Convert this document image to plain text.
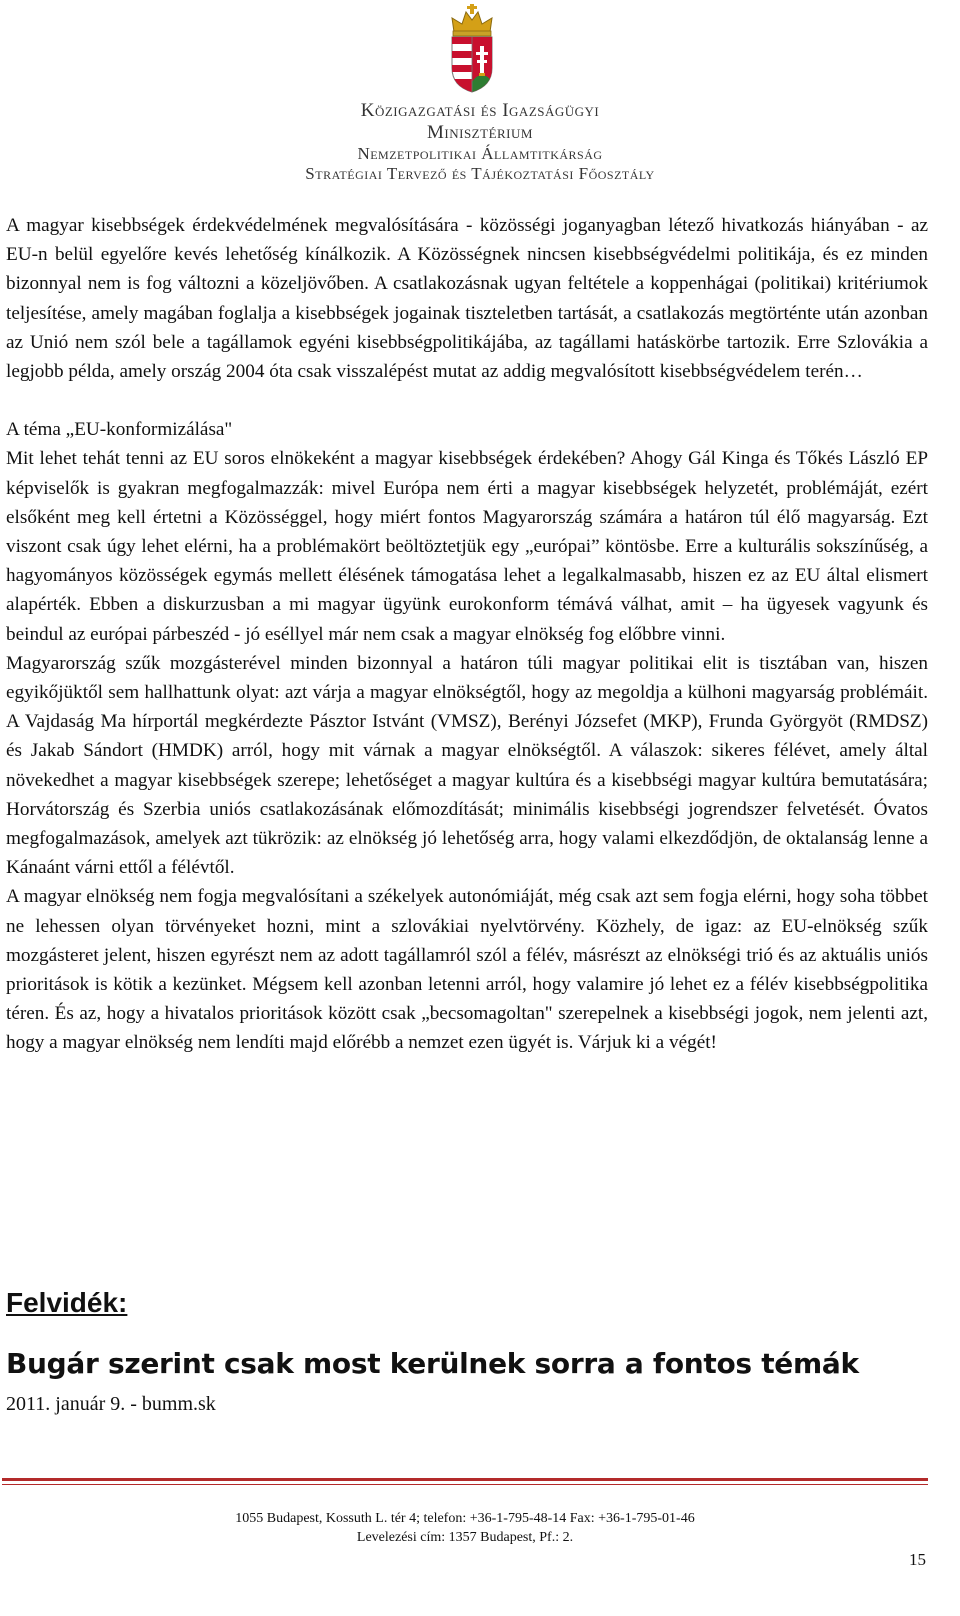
Közigazgatási és Igazságügyi
Minisztérium
Nemzetpolitikai Államtitkárság
Stratégiai Tervező és Tájékoztatási Főosztály

A magyar kisebbségek érdekvédelmének megvalósítására - közösségi joganyagban létező hivatkozás hiányában - az EU-n belül egyelőre kevés lehetőség kínálkozik. A Közösségnek nincsen kisebbségvédelmi politikája, és ez minden bizonnyal nem is fog változni a közeljövőben. A csatlakozásnak ugyan feltétele a koppenhágai (politikai) kritériumok teljesítése, amely magában foglalja a kisebbségek jogainak tiszteletben tartását, a csatlakozás megtörténte után azonban az Unió nem szól bele a tagállamok egyéni kisebbségpolitikájába, az tagállami hatáskörbe tartozik. Erre Szlovákia a legjobb példa, amely ország 2004 óta csak visszalépést mutat az addig megvalósított kisebbségvédelem terén…

A téma „EU-konformizálása"

Mit lehet tehát tenni az EU soros elnökeként a magyar kisebbségek érdekében? Ahogy Gál Kinga és Tőkés László EP képviselők is gyakran megfogalmazzák: mivel Európa nem érti a magyar kisebbségek helyzetét, problémáját, ezért elsőként meg kell értetni a Közösséggel, hogy miért fontos Magyarország számára a határon túl élő magyarság. Ezt viszont csak úgy lehet elérni, ha a problémakört beöltöztetjük egy „európai” köntösbe. Erre a kulturális sokszínűség, a hagyományos közösségek egymás mellett élésének támogatása lehet a legalkalmasabb, hiszen ez az EU által elismert alapérték. Ebben a diskurzusban a mi magyar ügyünk eurokonform témává válhat, amit – ha ügyesek vagyunk és beindul az európai párbeszéd - jó eséllyel már nem csak a magyar elnökség fog előbbre vinni.

Magyarország szűk mozgásterével minden bizonnyal a határon túli magyar politikai elit is tisztában van, hiszen egyikőjüktől sem hallhattunk olyat: azt várja a magyar elnökségtől, hogy az megoldja a külhoni magyarság problémáit. A Vajdaság Ma hírportál megkérdezte Pásztor Istvánt (VMSZ), Berényi Józsefet (MKP), Frunda Györgyöt (RMDSZ) és Jakab Sándort (HMDK) arról, hogy mit várnak a magyar elnökségtől. A válaszok: sikeres félévet, amely által növekedhet a magyar kisebbségek szerepe; lehetőséget a magyar kultúra és a kisebbségi magyar kultúra bemutatására; Horvátország és Szerbia uniós csatlakozásának előmozdítását; minimális kisebbségi jogrendszer felvetését. Óvatos megfogalmazások, amelyek azt tükrözik: az elnökség jó lehetőség arra, hogy valami elkezdődjön, de oktalanság lenne a Kánaánt várni ettől a félévtől.

A magyar elnökség nem fogja megvalósítani a székelyek autonómiáját, még csak azt sem fogja elérni, hogy soha többet ne lehessen olyan törvényeket hozni, mint a szlovákiai nyelvtörvény. Közhely, de igaz: az EU-elnökség szűk mozgásteret jelent, hiszen egyrészt nem az adott tagállamról szól a félév, másrészt az elnökségi trió és az aktuális uniós prioritások is kötik a kezünket. Mégsem kell azonban letenni arról, hogy valamire jó lehet ez a félév kisebbségpolitika téren. És az, hogy a hivatalos prioritások között csak „becsomagoltan" szerepelnek a kisebbségi jogok, nem jelenti azt, hogy a magyar elnökség nem lendíti majd előrébb a nemzet ezen ügyét is. Várjuk ki a végét!

Felvidék:
Bugár szerint csak most kerülnek sorra a fontos témák
2011. január 9. - bumm.sk
1055 Budapest, Kossuth L. tér 4; telefon: +36-1-795-48-14 Fax: +36-1-795-01-46
Levelezési cím: 1357 Budapest, Pf.: 2.
15
